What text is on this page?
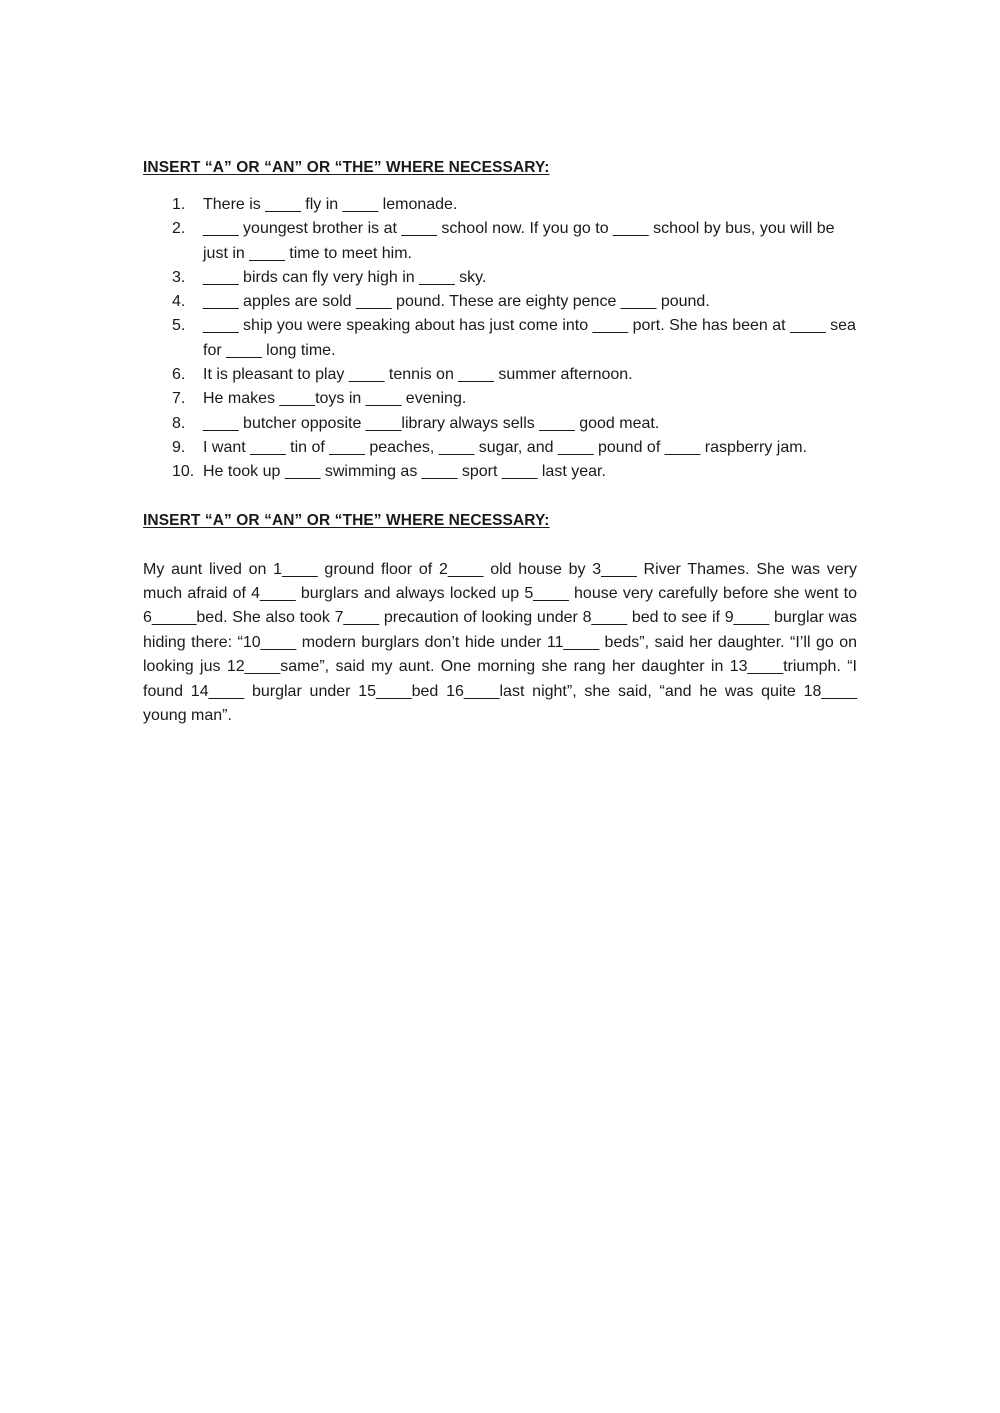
INSERT “A” OR “AN” OR “THE” WHERE NECESSARY:
1. There is ____ fly in ____ lemonade.
2. ____ youngest brother is at ____ school now. If you go to ____ school by bus, you will be just in ____ time to meet him.
3. ____ birds can fly very high in ____ sky.
4. ____ apples are sold ____ pound. These are eighty pence ____ pound.
5. ____ ship you were speaking about has just come into ____ port. She has been at ____ sea for ____ long time.
6. It is pleasant to play ____ tennis on ____ summer afternoon.
7. He makes ____toys in ____ evening.
8. ____ butcher opposite ____library always sells ____ good meat.
9. I want ____ tin of ____ peaches, ____ sugar, and ____ pound of ____ raspberry jam.
10. He took up ____ swimming as ____ sport ____ last year.
INSERT “A” OR “AN” OR “THE” WHERE NECESSARY:

My aunt lived on 1____ ground floor of 2____ old house by 3____ River Thames. She was very much afraid of 4____ burglars and always locked up 5____ house very carefully before she went to 6_____bed. She also took 7____ precaution of looking under 8____ bed to see if 9____ burglar was hiding there: “10____ modern burglars don’t hide under 11____ beds”, said her daughter. “I’ll go on looking jus 12____same”, said my aunt. One morning she rang her daughter in 13____triumph. “I found 14____ burglar under 15____bed 16____last night”, she said, “and he was quite 18____ young man”.
